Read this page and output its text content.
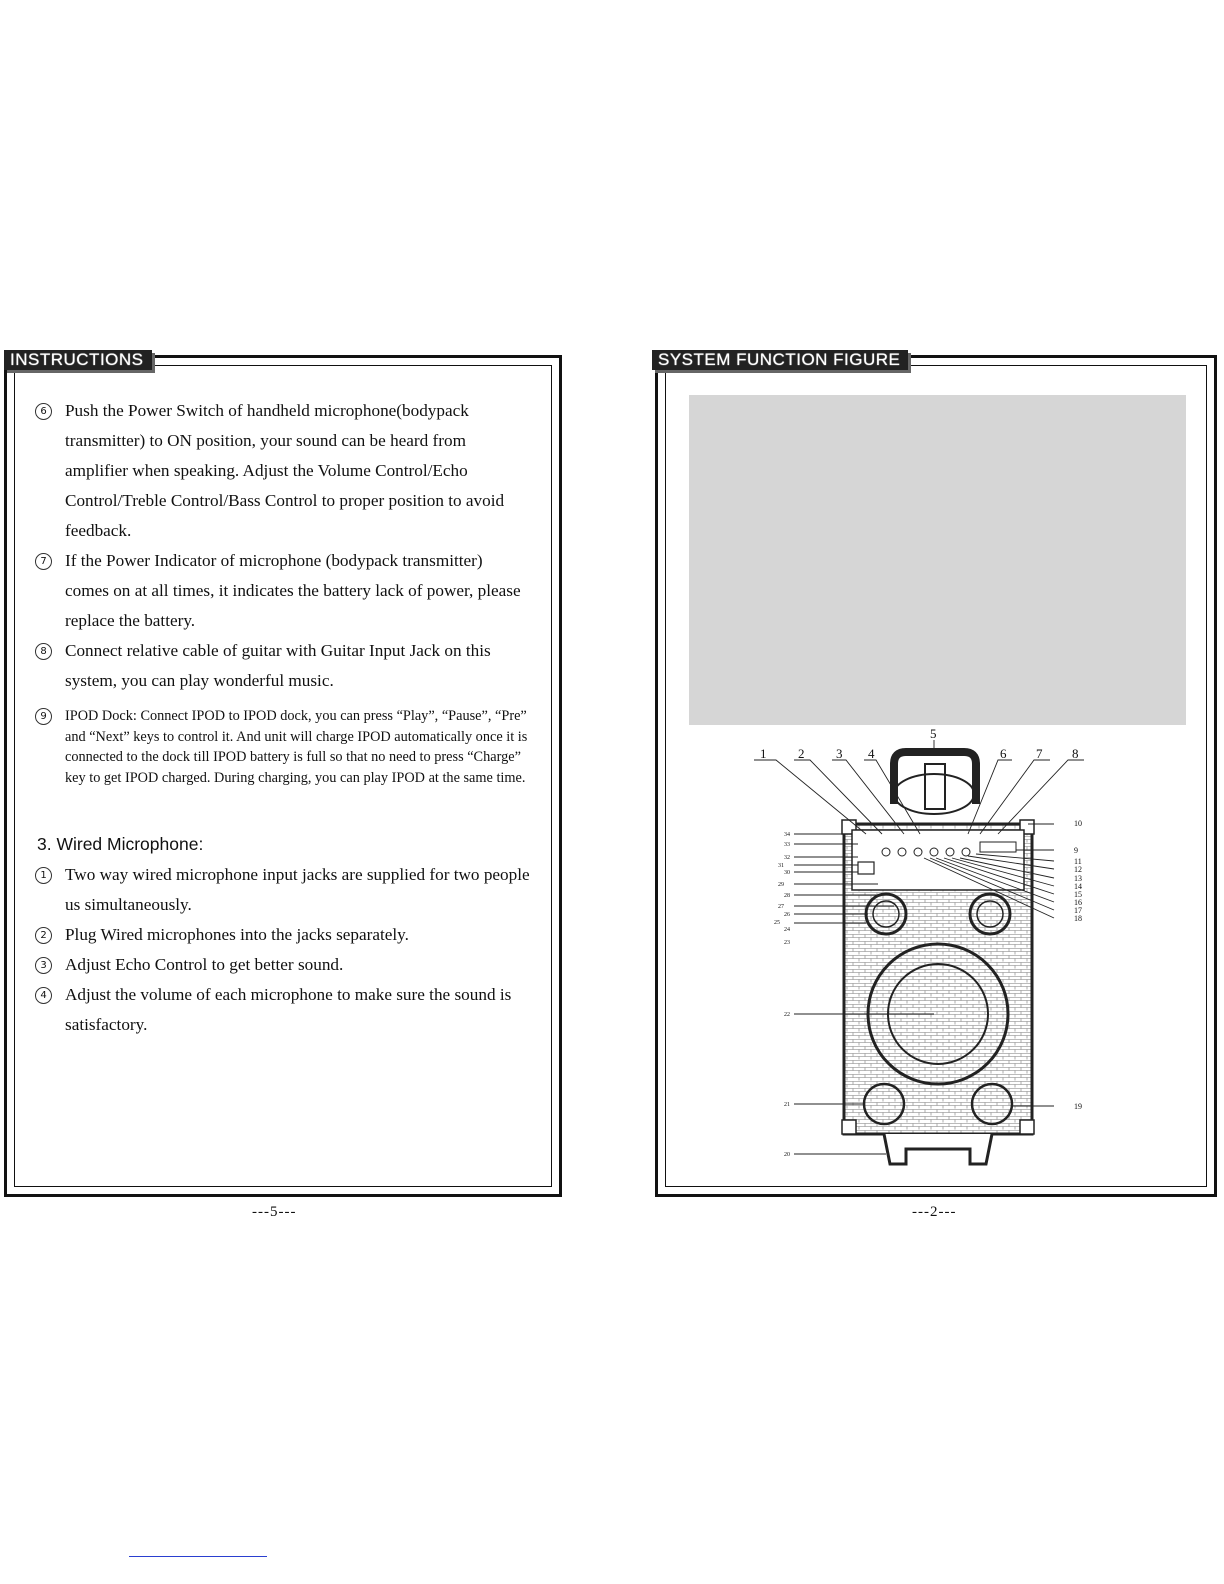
INSTRUCTIONS
6	Push the Power Switch of handheld microphone(bodypack transmitter) to ON position, your sound can be heard from amplifier when speaking. Adjust the Volume Control/Echo Control/Treble Control/Bass Control to proper position to avoid feedback.
7	If the Power Indicator of microphone (bodypack transmitter) comes on at all times, it indicates the battery lack of power, please replace the battery.
8	Connect relative cable of guitar with Guitar Input Jack on this system, you can play wonderful music.
9	IPOD Dock: Connect IPOD to IPOD dock, you can press “Play”, “Pause”, “Pre” and “Next” keys to control it. And unit will charge IPOD automatically once it is connected to the dock till IPOD battery is full so that no need to press “Charge” key to get IPOD charged. During charging, you can play IPOD at the same time.
3. Wired Microphone:
1	Two way wired microphone input jacks are supplied for two people us simultaneously.
2	Plug Wired microphones into the jacks separately.
3	Adjust Echo Control to get better sound.
4	Adjust the volume of each microphone to make sure the sound is satisfactory.
---5---
SYSTEM FUNCTION FIGURE
1 2 3 4
5
6 7 8
10
9
11
12
13
14
15
16
17
18
19
34
33
32
31
30
29
28
27
26
25
24
23
22
21
20
---2---
